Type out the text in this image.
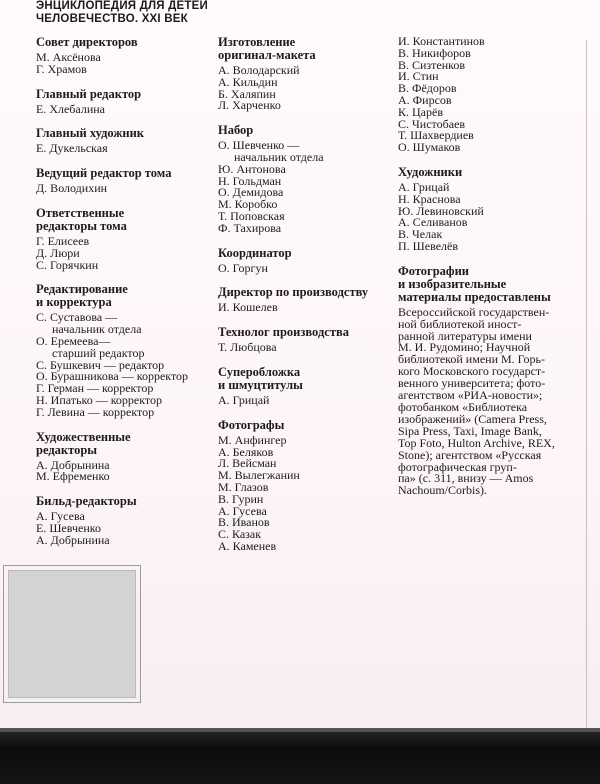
ЭНЦИКЛОПЕДИЯ ДЛЯ ДЕТЕЙ
ЧЕЛОВЕЧЕСТВО. XXI ВЕК
Совет директоров
М. Аксёнова
Г. Храмов
Главный редактор
Е. Хлебалина
Главный художник
Е. Дукельская
Ведущий редактор тома
Д. Володихин
Ответственные
редакторы тома
Г. Елисеев
Д. Люри
С. Горячкин
Редактирование
и корректура
С. Суставова —
начальник отдела
О. Еремеева—
старший редактор
С. Бушкевич — редактор
О. Бурашникова — корректор
Г. Герман — корректор
Н. Ипатько — корректор
Г. Левина — корректор
Художественные
редакторы
А. Добрынина
М. Ефременко
Бильд-редакторы
А. Гусева
Е. Шевченко
А. Добрынина
Изготовление
оригинал-макета
А. Володарский
А. Кильдин
Б. Халяпин
Л. Харченко
Набор
О. Шевченко —
начальник отдела
Ю. Антонова
Н. Гольдман
О. Демидова
М. Коробко
Т. Поповская
Ф. Тахирова
Координатор
О. Горгун
Директор по производству
И. Кошелев
Технолог производства
Т. Любцова
Суперобложка
и шмуцтитулы
А. Грицай
Фотографы
М. Анфингер
А. Беляков
Л. Вейсман
М. Вылегжанин
М. Глазов
В. Гурин
А. Гусева
В. Иванов
С. Казак
А. Каменев
И. Константинов
В. Никифоров
В. Сизтенков
И. Стин
В. Фёдоров
А. Фирсов
К. Царёв
С. Чистобаев
Т. Шахвердиев
О. Шумаков
Художники
А. Грицай
Н. Краснова
Ю. Левиновский
А. Селиванов
В. Челак
П. Шевелёв
Фотографии
и изобразительные
материалы предоставлены
Всероссийской государствен-
ной библиотекой иност-
ранной литературы имени
М. И. Рудомино; Научной
библиотекой имени М. Горь-
кого Московского государст-
венного университета; фото-
агентством «РИА-новости»;
фотобанком «Библиотека
изображений» (Camera Press,
Sipa Press, Taxi, Image Bank,
Top Foto, Hulton Archive, REX,
Stone); агентством «Русская
фотографическая груп-
па» (с. 311, внизу — Amos
Nachoum/Corbis).
